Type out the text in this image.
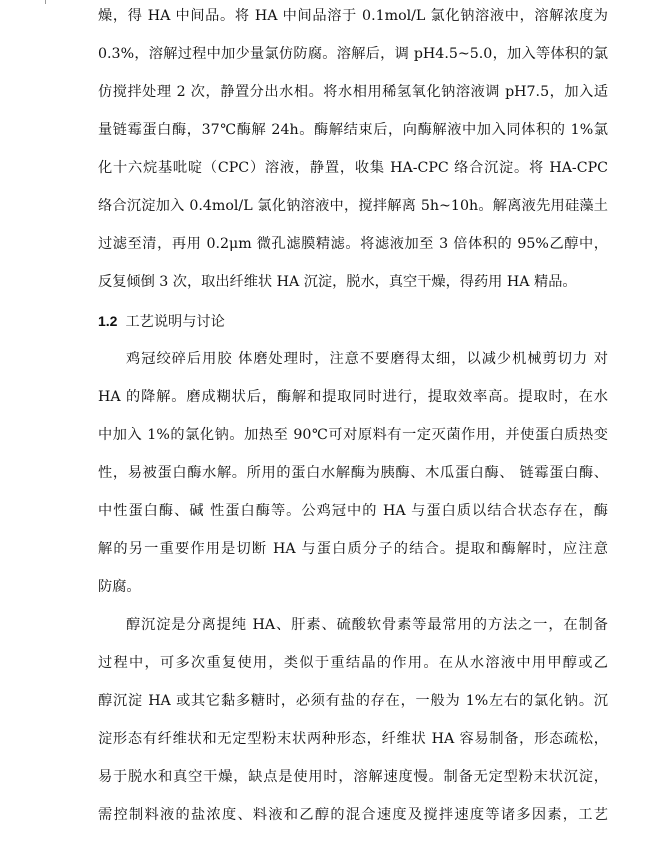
燥，得 HA 中间品。将 HA 中间品溶于 0.1mol/L 氯化钠溶液中，溶解浓度为
0.3%，溶解过程中加少量氯仿防腐。溶解后，调 pH4.5~5.0，加入等体积的氯
仿搅拌处理 2 次，静置分出水相。将水相用稀氢氧化钠溶液调 pH7.5，加入适
量链霉蛋白酶，37℃酶解 24h。酶解结束后，向酶解液中加入同体积的 1%氯
化十六烷基吡啶（CPC）溶液，静置，收集 HA-CPC 络合沉淀。将 HA-CPC
络合沉淀加入 0.4mol/L 氯化钠溶液中，搅拌解离 5h~10h。解离液先用硅藻土
过滤至清，再用 0.2μm 微孔滤膜精滤。将滤液加至 3 倍体积的 95%乙醇中，
反复倾倒 3 次，取出纤维状 HA 沉淀，脱水，真空干燥，得药用 HA 精品。
1.2 工艺说明与讨论
鸡冠绞碎后用胶 体磨处理时，注意不要磨得太细，以减少机械剪切力 对
HA 的降解。磨成糊状后，酶解和提取同时进行，提取效率高。提取时，在水
中加入 1%的氯化钠。加热至 90℃可对原料有一定灭菌作用，并使蛋白质热变
性，易被蛋白酶水解。所用的蛋白水解酶为胰酶、木瓜蛋白酶、 链霉蛋白酶、
中性蛋白酶、碱 性蛋白酶等。公鸡冠中的 HA 与蛋白质以结合状态存在，酶
解的另一重要作用是切断 HA 与蛋白质分子的结合。提取和酶解时，应注意
防腐。
醇沉淀是分离提纯 HA、肝素、硫酸软骨素等最常用的方法之一，在制备
过程中，可多次重复使用，类似于重结晶的作用。在从水溶液中用甲醇或乙
醇沉淀 HA 或其它黏多糖时，必须有盐的存在，一般为 1%左右的氯化钠。沉
淀形态有纤维状和无定型粉末状两种形态，纤维状 HA 容易制备，形态疏松，
易于脱水和真空干燥，缺点是使用时，溶解速度慢。制备无定型粉末状沉淀，
需控制料液的盐浓度、料液和乙醇的混合速度及搅拌速度等诸多因素，工艺
